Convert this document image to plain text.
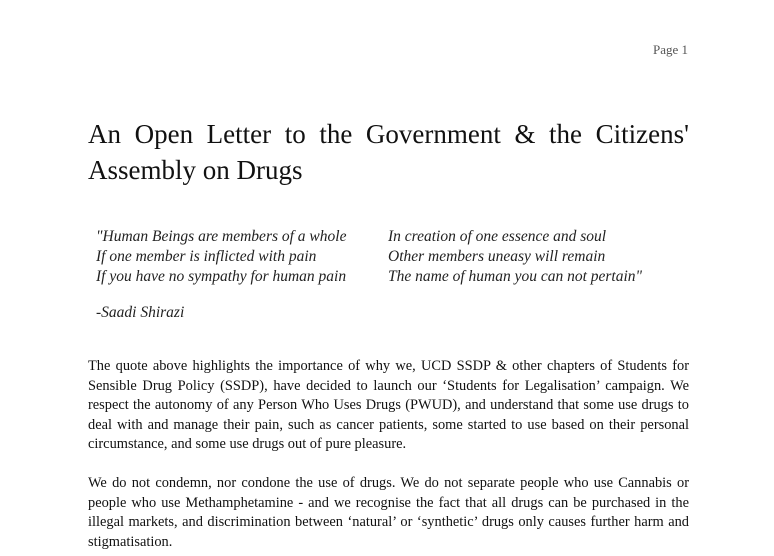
Page 1
An Open Letter to the Government & the Citizens' Assembly on Drugs
"Human Beings are members of a whole
If one member is inflicted with pain
If you have no sympathy for human pain
In creation of one essence and soul
Other members uneasy will remain
The name of human you can not pertain"
-Saadi Shirazi

The quote above highlights the importance of why we, UCD SSDP & other chapters of Students for Sensible Drug Policy (SSDP), have decided to launch our ‘Students for Legalisation’ campaign. We respect the autonomy of any Person Who Uses Drugs (PWUD), and understand that some use drugs to deal with and manage their pain, such as cancer patients, some started to use based on their personal circumstance, and some use drugs out of pure pleasure.

We do not condemn, nor condone the use of drugs. We do not separate people who use Cannabis or people who use Methamphetamine - and we recognise the fact that all drugs can be purchased in the illegal markets, and discrimination between ‘natural’ or ‘synthetic’ drugs only causes further harm and stigmatisation.
